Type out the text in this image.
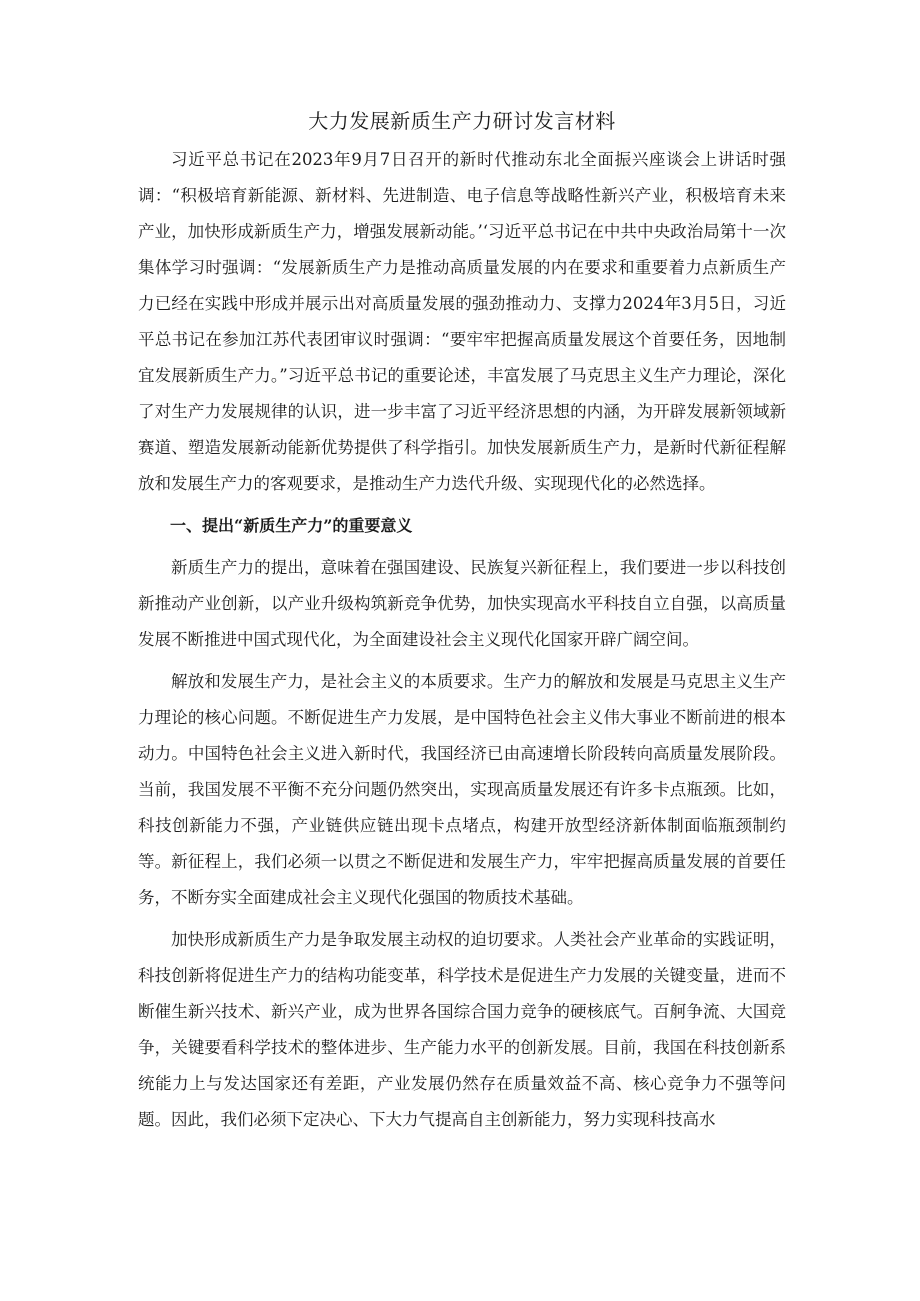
大力发展新质生产力研讨发言材料

习近平总书记在2023年9月7日召开的新时代推动东北全面振兴座谈会上讲话时强调：“积极培育新能源、新材料、先进制造、电子信息等战略性新兴产业，积极培育未来产业，加快形成新质生产力，增强发展新动能。’‘习近平总书记在中共中央政治局第十一次集体学习时强调：“发展新质生产力是推动高质量发展的内在要求和重要着力点新质生产力已经在实践中形成并展示出对高质量发展的强劲推动力、支撑力2024年3月5日，习近平总书记在参加江苏代表团审议时强调：“要牢牢把握高质量发展这个首要任务，因地制宜发展新质生产力。”习近平总书记的重要论述，丰富发展了马克思主义生产力理论，深化了对生产力发展规律的认识，进一步丰富了习近平经济思想的内涵，为开辟发展新领域新赛道、塑造发展新动能新优势提供了科学指引。加快发展新质生产力，是新时代新征程解放和发展生产力的客观要求，是推动生产力迭代升级、实现现代化的必然选择。

一、提出“新质生产力”的重要意义

新质生产力的提出，意味着在强国建设、民族复兴新征程上，我们要进一步以科技创新推动产业创新，以产业升级构筑新竞争优势，加快实现高水平科技自立自强，以高质量发展不断推进中国式现代化，为全面建设社会主义现代化国家开辟广阔空间。

解放和发展生产力，是社会主义的本质要求。生产力的解放和发展是马克思主义生产力理论的核心问题。不断促进生产力发展，是中国特色社会主义伟大事业不断前进的根本动力。中国特色社会主义进入新时代，我国经济已由高速增长阶段转向高质量发展阶段。当前，我国发展不平衡不充分问题仍然突出，实现高质量发展还有许多卡点瓶颈。比如，科技创新能力不强，产业链供应链出现卡点堵点，构建开放型经济新体制面临瓶颈制约等。新征程上，我们必须一以贯之不断促进和发展生产力，牢牢把握高质量发展的首要任务，不断夯实全面建成社会主义现代化强国的物质技术基础。

加快形成新质生产力是争取发展主动权的迫切要求。人类社会产业革命的实践证明，科技创新将促进生产力的结构功能变革，科学技术是促进生产力发展的关键变量，进而不断催生新兴技术、新兴产业，成为世界各国综合国力竞争的硬核底气。百舸争流、大国竞争，关键要看科学技术的整体进步、生产能力水平的创新发展。目前，我国在科技创新系统能力上与发达国家还有差距，产业发展仍然存在质量效益不高、核心竞争力不强等问题。因此，我们必须下定决心、下大力气提高自主创新能力，努力实现科技高水
